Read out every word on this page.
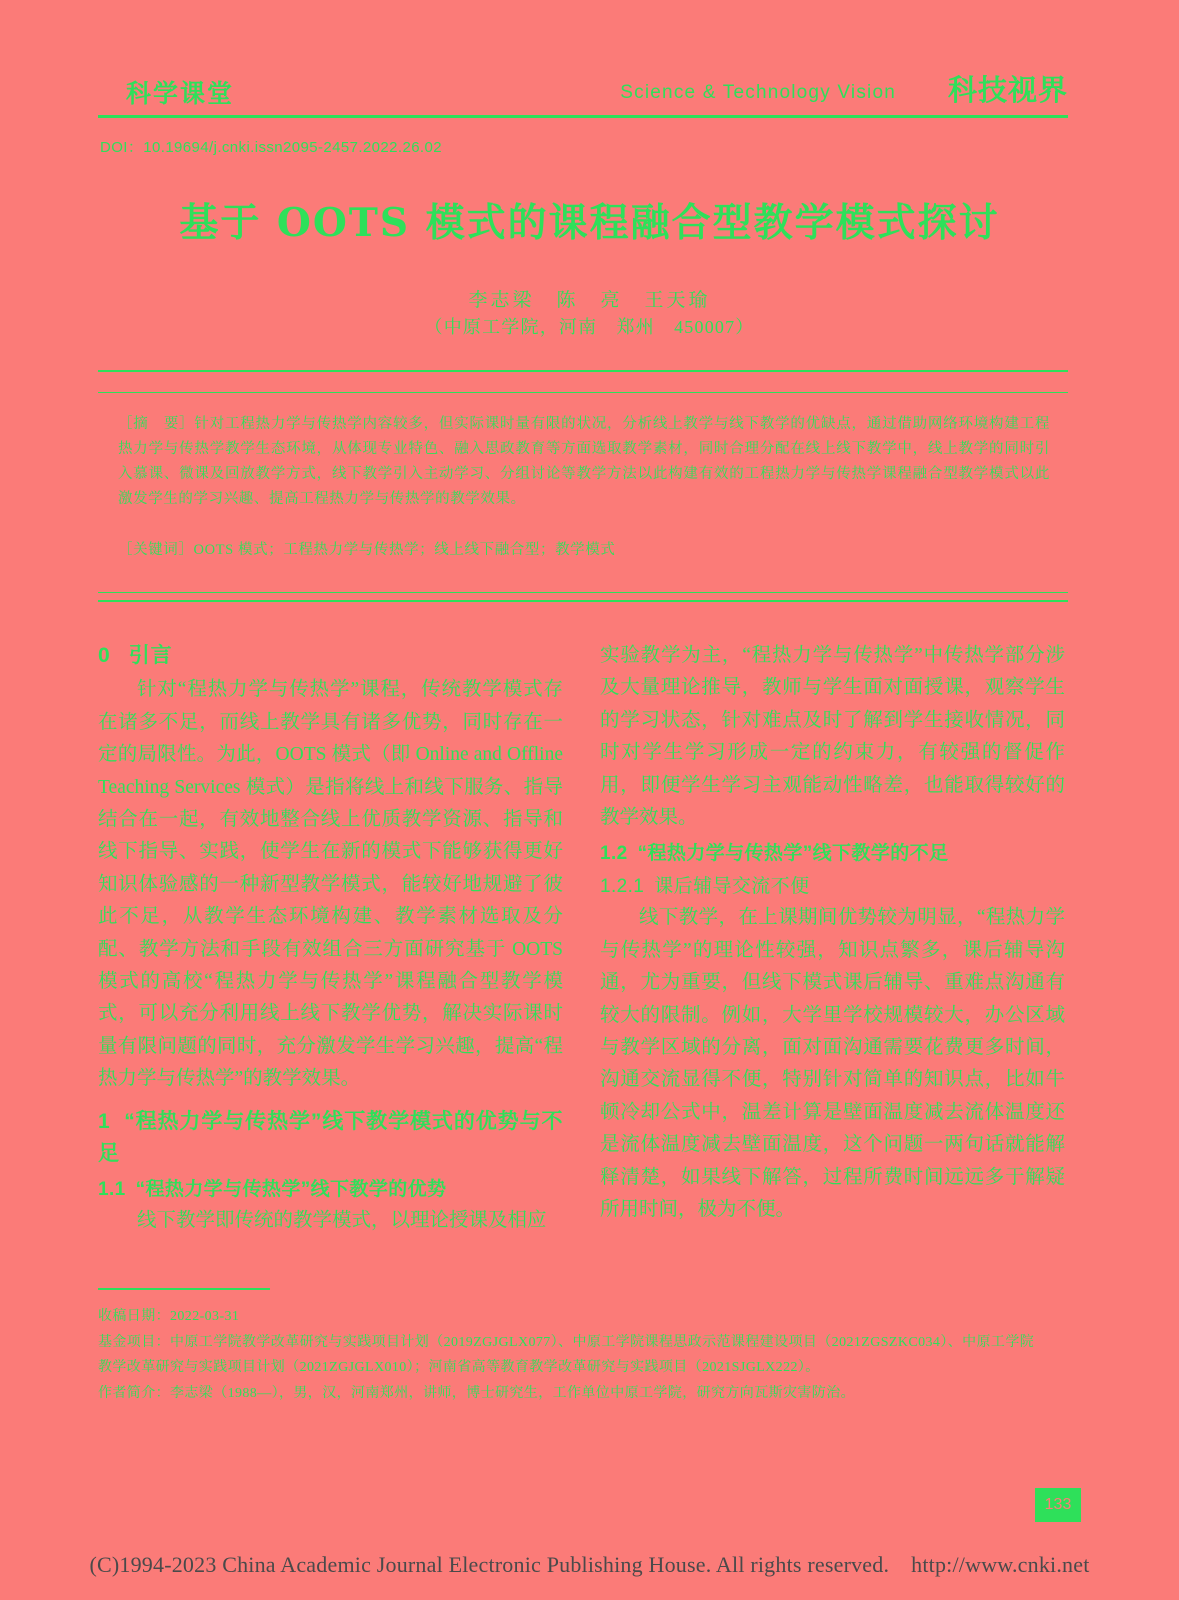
科学课堂	Science & Technology Vision 科技视界
DOI：10.19694/j.cnki.issn2095-2457.2022.26.02
基于 OOTS 模式的课程融合型教学模式探讨
李志梁　陈　亮　王天瑜
（中原工学院，河南　郑州　450007）

［摘　要］针对工程热力学与传热学内容较多，但实际课时量有限的状况，分析线上教学与线下教学的优缺点，通过借助网络环境构建工程热力学与传热学教学生态环境，从体现专业特色、融入思政教育等方面选取教学素材，同时合理分配在线上线下教学中，线上教学的同时引入慕课、微课及回放教学方式，线下教学引入主动学习、分组讨论等教学方法以此构建有效的工程热力学与传热学课程融合型教学模式以此激发学生的学习兴趣、提高工程热力学与传热学的教学效果。

［关键词］OOTS 模式；工程热力学与传热学；线上线下融合型；教学模式
0 引言

针对“程热力学与传热学”课程，传统教学模式存在诸多不足，而线上教学具有诸多优势，同时存在一定的局限性。为此，OOTS 模式（即 Online and Offline Teaching Services 模式）是指将线上和线下服务、指导结合在一起，有效地整合线上优质教学资源、指导和线下指导、实践，使学生在新的模式下能够获得更好知识体验感的一种新型教学模式，能较好地规避了彼此不足，从教学生态环境构建、教学素材选取及分配、教学方法和手段有效组合三方面研究基于 OOTS 模式的高校“程热力学与传热学”课程融合型教学模式，可以充分利用线上线下教学优势，解决实际课时量有限问题的同时，充分激发学生学习兴趣，提高“程热力学与传热学”的教学效果。

1 “程热力学与传热学”线下教学模式的优势与不足
1.1 “程热力学与传热学”线下教学的优势

线下教学即传统的教学模式，以理论授课及相应

实验教学为主，“程热力学与传热学”中传热学部分涉及大量理论推导，教师与学生面对面授课，观察学生的学习状态，针对难点及时了解到学生接收情况，同时对学生学习形成一定的约束力，有较强的督促作用，即便学生学习主观能动性略差，也能取得较好的教学效果。

1.2 “程热力学与传热学”线下教学的不足
1.2.1 课后辅导交流不便

线下教学，在上课期间优势较为明显，“程热力学与传热学”的理论性较强，知识点繁多，课后辅导沟通，尤为重要，但线下模式课后辅导、重难点沟通有较大的限制。例如，大学里学校规模较大，办公区域与教学区域的分离，面对面沟通需要花费更多时间，沟通交流显得不便，特别针对简单的知识点，比如牛顿冷却公式中，温差计算是壁面温度减去流体温度还是流体温度减去壁面温度，这个问题一两句话就能解释清楚，如果线下解答，过程所费时间远远多于解疑所用时间，极为不便。

收稿日期：2022-03-31

基金项目：中原工学院教学改革研究与实践项目计划（2019ZGJGLX077）、中原工学院课程思政示范课程建设项目（2021ZGSZKC034）、中原工学院教学改革研究与实践项目计划（2021ZGJGLX010）；河南省高等教育教学改革研究与实践项目（2021SJGLX222）。

作者简介：李志梁（1988—），男，汉，河南郑州，讲师，博士研究生，工作单位中原工学院，研究方向瓦斯灾害防治。

133
(C)1994-2023 China Academic Journal Electronic Publishing House. All rights reserved. http://www.cnki.net
